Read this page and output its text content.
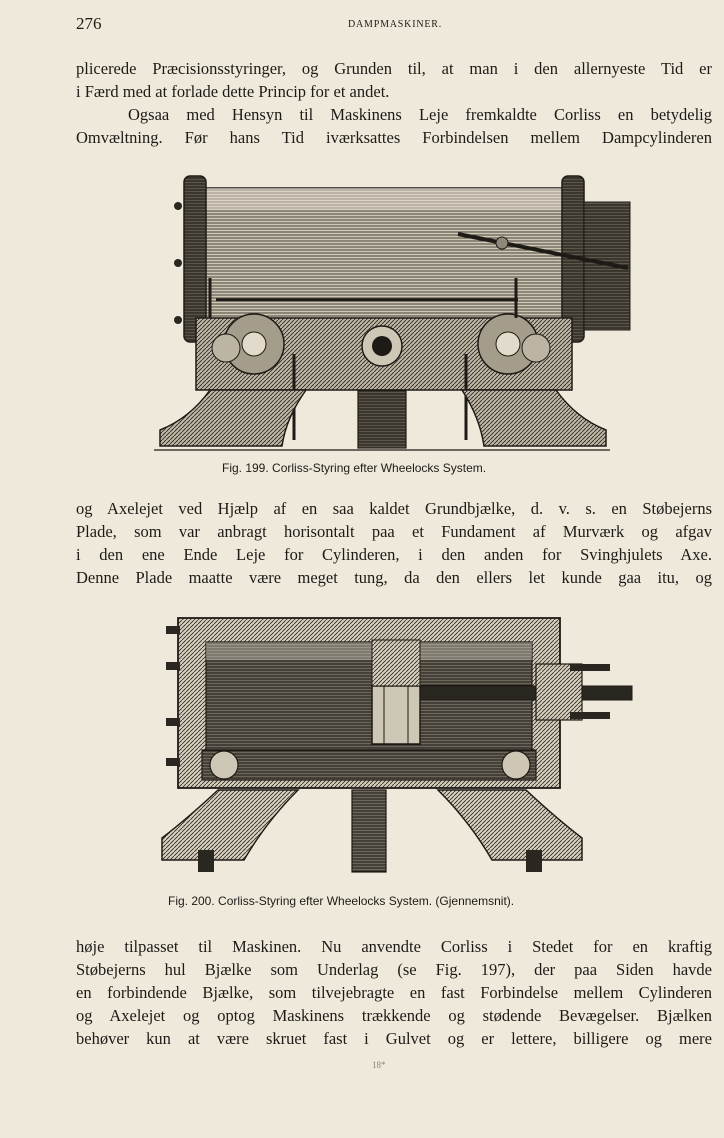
276	DAMPMASKINER.
plicerede Præcisionsstyringer, og Grunden til, at man i den allernyeste Tid er
i Færd med at forlade dette Princip for et andet.
Ogsaa med Hensyn til Maskinens Leje fremkaldte Corliss en betydelig
Omvæltning. Før hans Tid iværksattes Forbindelsen mellem Dampcylinderen
Fig. 199. Corliss-Styring efter Wheelocks System.
og Axelejet ved Hjælp af en saa kaldet Grundbjælke, d. v. s. en Støbejerns
Plade, som var anbragt horisontalt paa et Fundament af Murværk og afgav
i den ene Ende Leje for Cylinderen, i den anden for Svinghjulets Axe.
Denne Plade maatte være meget tung, da den ellers let kunde gaa itu, og
Fig. 200. Corliss-Styring efter Wheelocks System. (Gjennemsnit).
høje tilpasset til Maskinen. Nu anvendte Corliss i Stedet for en kraftig
Støbejerns hul Bjælke som Underlag (se Fig. 197), der paa Siden havde
en forbindende Bjælke, som tilvejebragte en fast Forbindelse mellem Cylinderen
og Axelejet og optog Maskinens trækkende og stødende Bevægelser. Bjælken
behøver kun at være skruet fast i Gulvet og er lettere, billigere og mere
18*
